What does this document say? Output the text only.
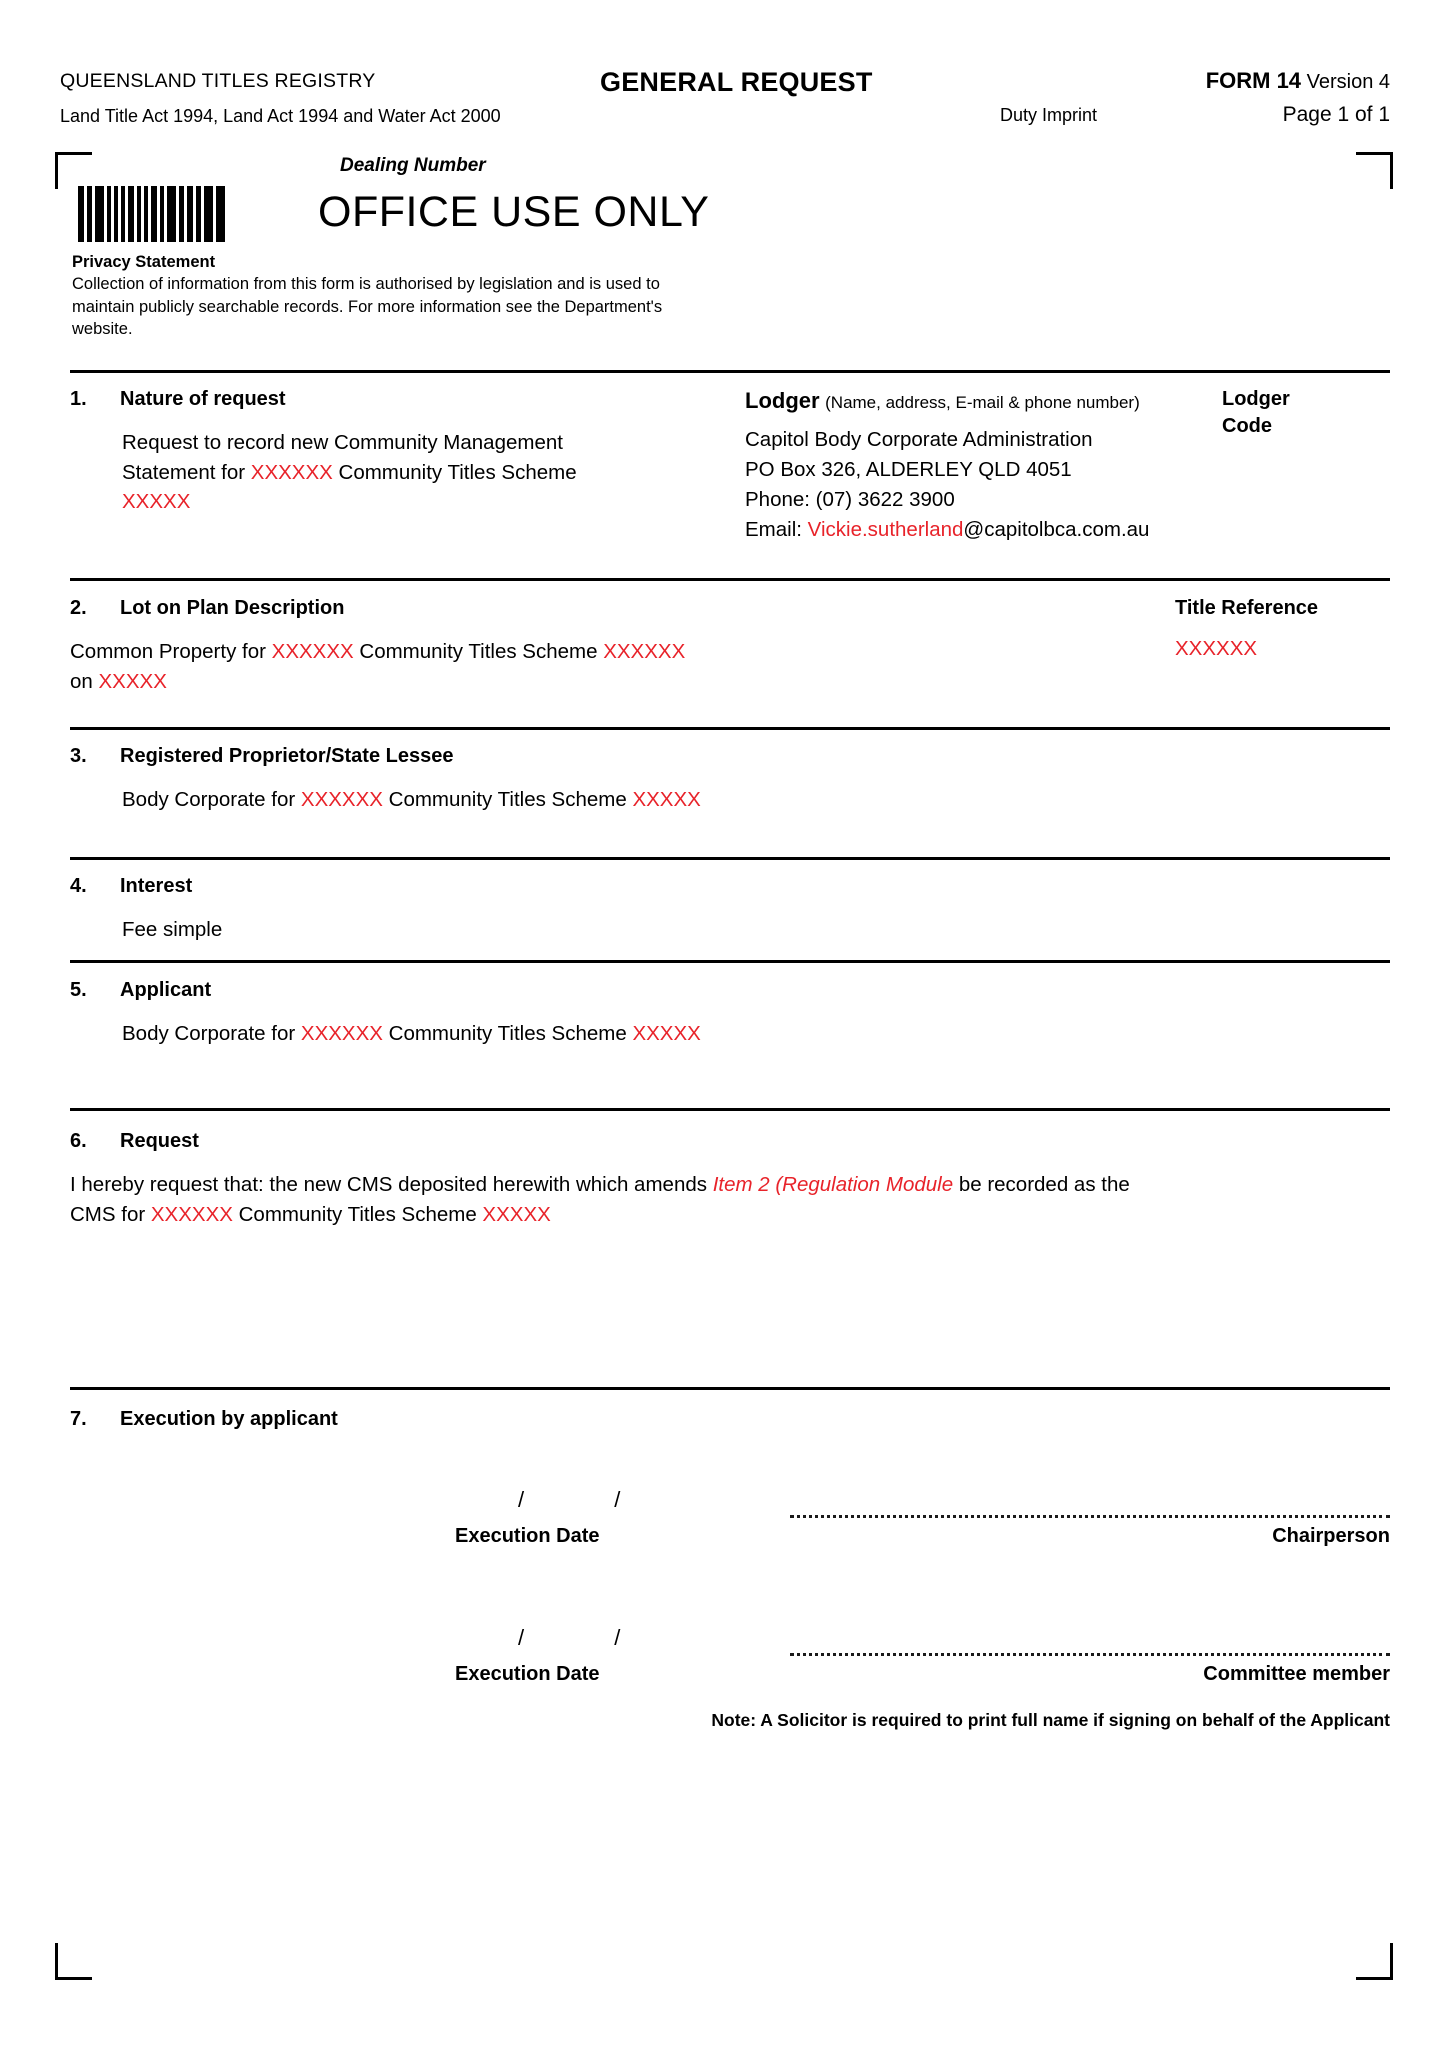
QUEENSLAND TITLES REGISTRY
Land Title Act 1994, Land Act 1994 and Water Act 2000
GENERAL REQUEST
Duty Imprint
FORM 14 Version 4
Page 1 of 1
Dealing Number
OFFICE USE ONLY
Privacy Statement
Collection of information from this form is authorised by legislation and is used to maintain publicly searchable records. For more information see the Department's website.
1. Nature of request
Request to record new Community Management
Statement for XXXXXX Community Titles Scheme
XXXXX
Lodger (Name, address, E-mail & phone number)	Lodger
Code
Capitol Body Corporate Administration
PO Box 326, ALDERLEY QLD 4051
Phone: (07) 3622 3900
Email: Vickie.sutherland@capitolbca.com.au
2. Lot on Plan Description	Title Reference
XXXXXX
Common Property for XXXXXX Community Titles Scheme XXXXXX
on XXXXX
3. Registered Proprietor/State Lessee
Body Corporate for XXXXXX Community Titles Scheme XXXXX
4. Interest
Fee simple
5. Applicant
Body Corporate for XXXXXX Community Titles Scheme XXXXX
6. Request
I hereby request that: the new CMS deposited herewith which amends Item 2 (Regulation Module be recorded as the
CMS for XXXXXX Community Titles Scheme XXXXX
7. Execution by applicant
/ /
Execution Date	Chairperson
/ /
Execution Date	Committee member
Note: A Solicitor is required to print full name if signing on behalf of the Applicant
